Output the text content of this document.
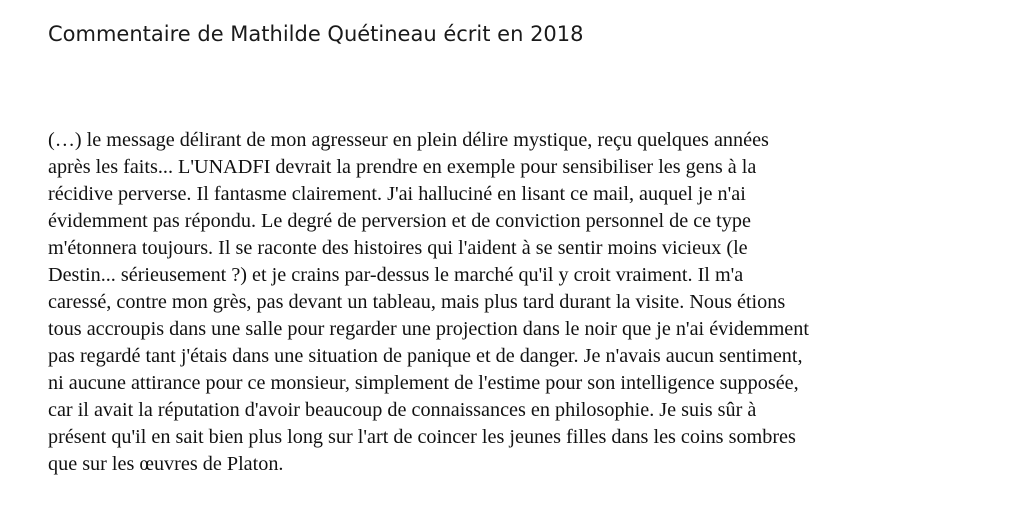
Commentaire de Mathilde Quétineau écrit en 2018

(…) le message délirant de mon agresseur en plein délire mystique, reçu quelques années
après les faits... L'UNADFI devrait la prendre en exemple pour sensibiliser les gens à la
récidive perverse. Il fantasme clairement. J'ai halluciné en lisant ce mail, auquel je n'ai
évidemment pas répondu. Le degré de perversion et de conviction personnel de ce type
m'étonnera toujours. Il se raconte des histoires qui l'aident à se sentir moins vicieux (le
Destin... sérieusement ?) et je crains par-dessus le marché qu'il y croit vraiment. Il m'a
caressé, contre mon grès, pas devant un tableau, mais plus tard durant la visite. Nous étions
tous accroupis dans une salle pour regarder une projection dans le noir que je n'ai évidemment
pas regardé tant j'étais dans une situation de panique et de danger. Je n'avais aucun sentiment,
ni aucune attirance pour ce monsieur, simplement de l'estime pour son intelligence supposée,
car il avait la réputation d'avoir beaucoup de connaissances en philosophie. Je suis sûr à
présent qu'il en sait bien plus long sur l'art de coincer les jeunes filles dans les coins sombres
que sur les œuvres de Platon.
